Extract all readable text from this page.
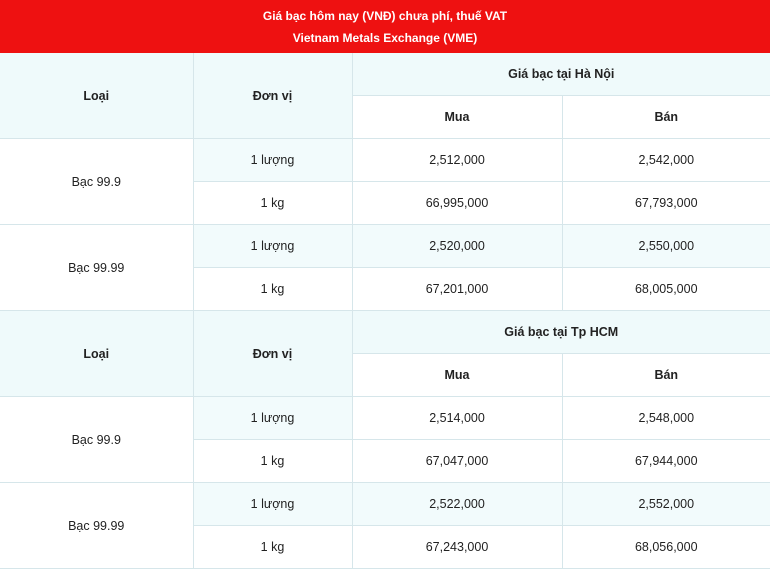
Giá bạc hôm nay (VNĐ) chưa phí, thuế VAT
Vietnam Metals Exchange (VME)
Loại	Đơn vị	Giá bạc tại Hà Nội	
		Mua	Bán
Bạc 99.9	1 lượng	2,512,000	2,542,000
	1 kg	66,995,000	67,793,000
Bạc 99.99	1 lượng	2,520,000	2,550,000
	1 kg	67,201,000	68,005,000
Loại	Đơn vị	Giá bạc tại Tp HCM	
		Mua	Bán
Bạc 99.9	1 lượng	2,514,000	2,548,000
	1 kg	67,047,000	67,944,000
Bạc 99.99	1 lượng	2,522,000	2,552,000
	1 kg	67,243,000	68,056,000
